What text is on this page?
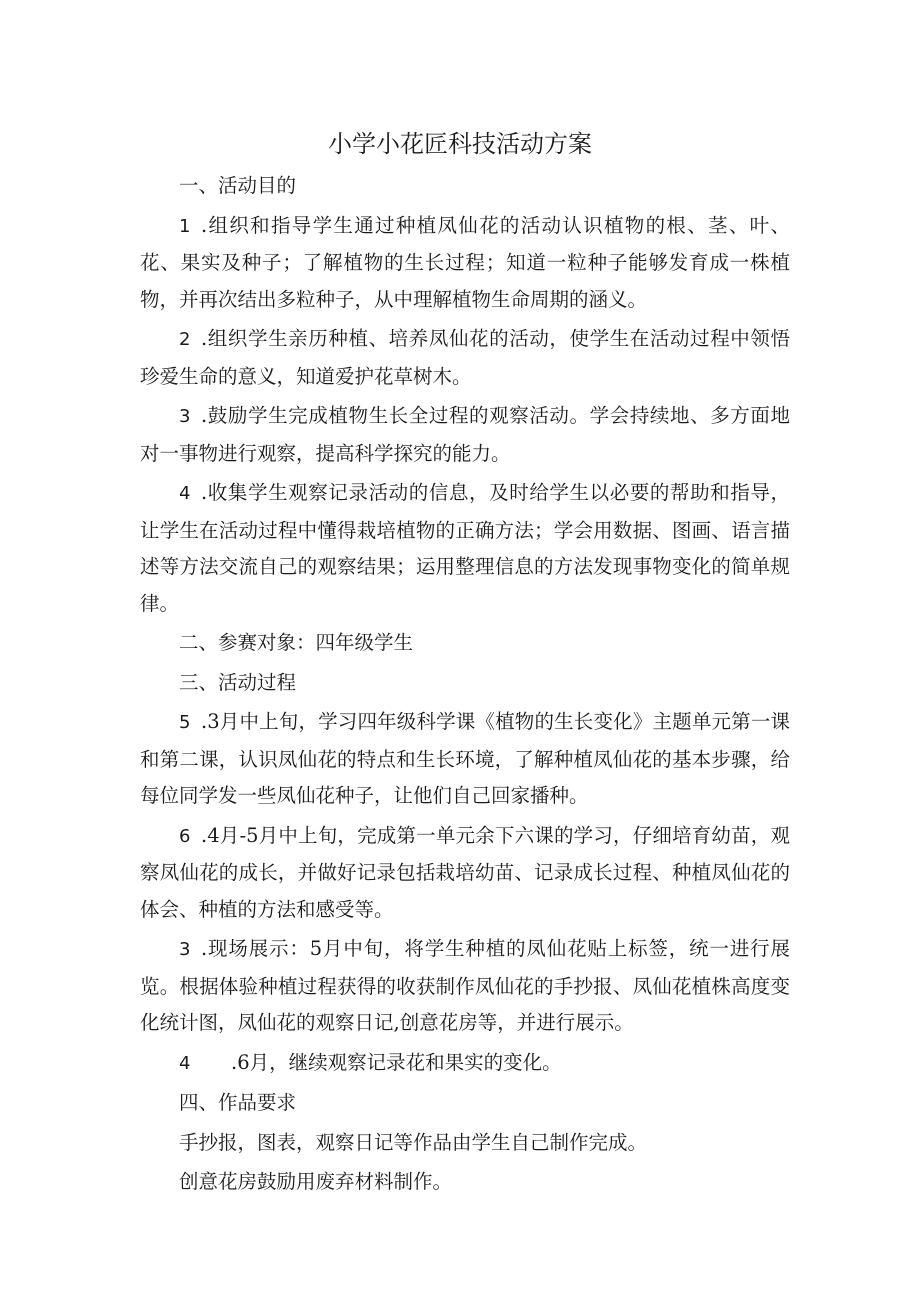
小学小花匠科技活动方案

一、活动目的

1 .组织和指导学生通过种植凤仙花的活动认识植物的根、茎、叶、花、果实及种子；了解植物的生长过程；知道一粒种子能够发育成一株植物，并再次结出多粒种子，从中理解植物生命周期的涵义。

2 .组织学生亲历种植、培养凤仙花的活动，使学生在活动过程中领悟珍爱生命的意义，知道爱护花草树木。

3 .鼓励学生完成植物生长全过程的观察活动。学会持续地、多方面地对一事物进行观察，提高科学探究的能力。

4 .收集学生观察记录活动的信息，及时给学生以必要的帮助和指导，让学生在活动过程中懂得栽培植物的正确方法；学会用数据、图画、语言描述等方法交流自己的观察结果；运用整理信息的方法发现事物变化的简单规律。

二、参赛对象：四年级学生

三、活动过程

5 .3月中上旬，学习四年级科学课《植物的生长变化》主题单元第一课和第二课，认识凤仙花的特点和生长环境，了解种植凤仙花的基本步骤，给每位同学发一些凤仙花种子，让他们自己回家播种。

6 .4月-5月中上旬，完成第一单元余下六课的学习，仔细培育幼苗，观察凤仙花的成长，并做好记录包括栽培幼苗、记录成长过程、种植凤仙花的体会、种植的方法和感受等。

3 .现场展示：5月中旬，将学生种植的凤仙花贴上标签，统一进行展览。根据体验种植过程获得的收获制作凤仙花的手抄报、凤仙花植株高度变化统计图，凤仙花的观察日记,创意花房等，并进行展示。

4 .6月，继续观察记录花和果实的变化。

四、作品要求

手抄报，图表，观察日记等作品由学生自己制作完成。

创意花房鼓励用废弃材料制作。
